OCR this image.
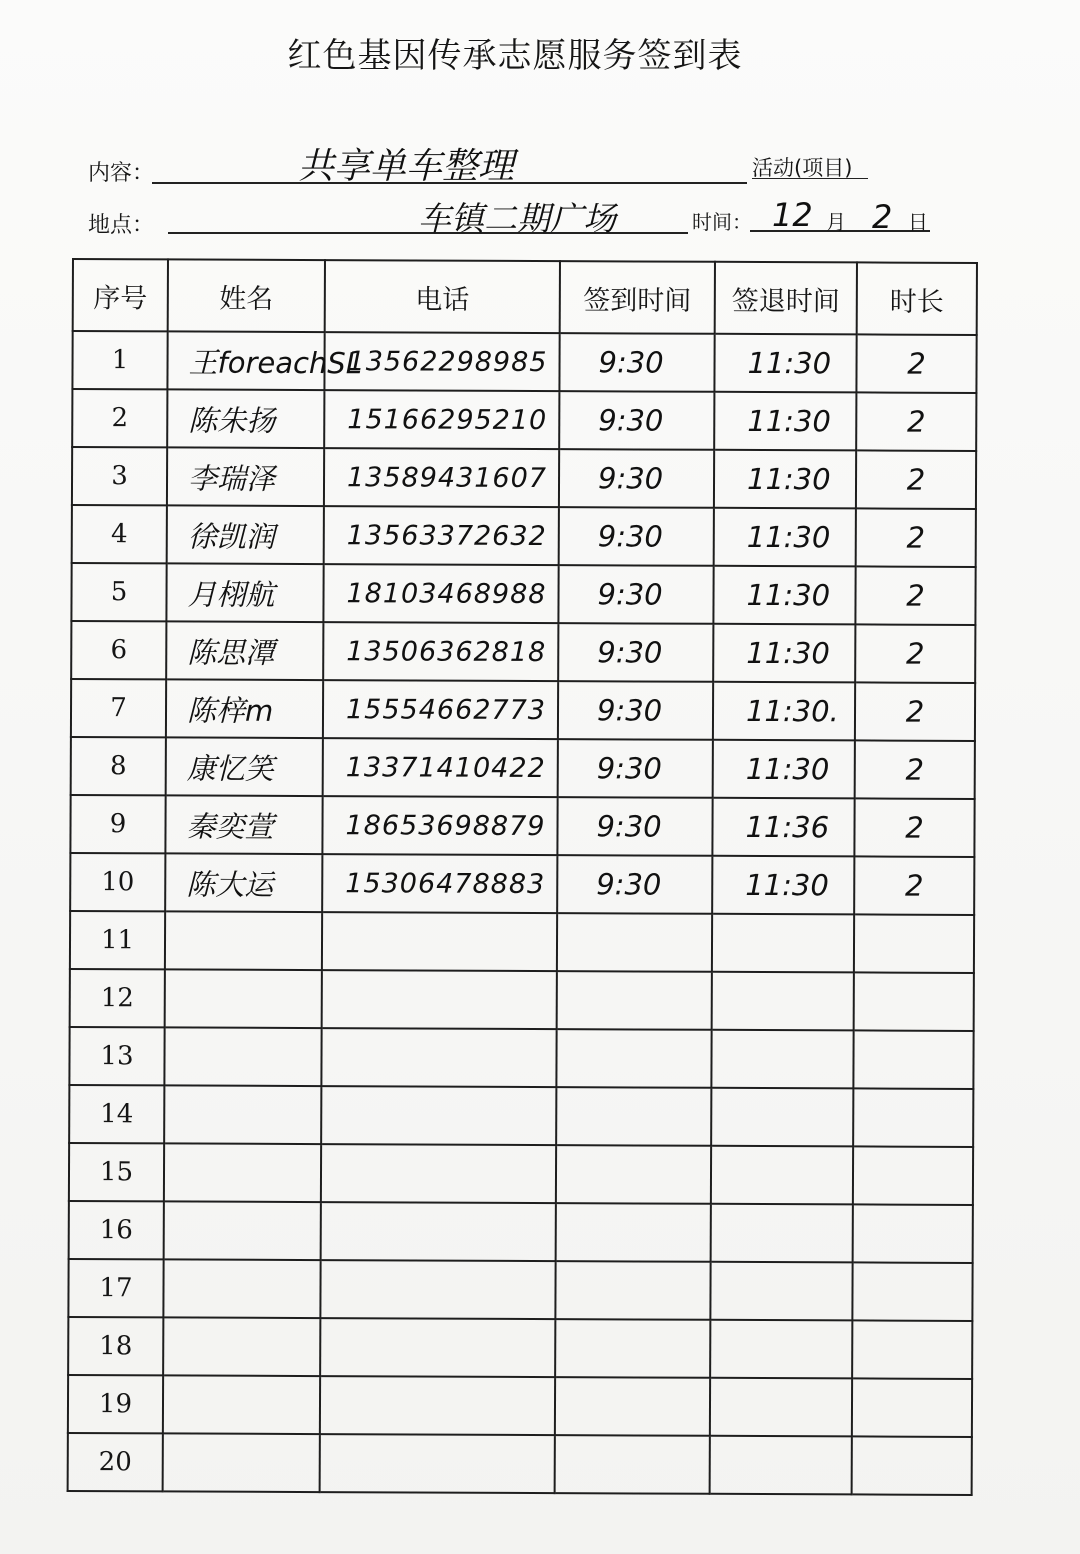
红色基因传承志愿服务签到表
内容：	共享单车整理	活动(项目)
地点：	车镇二期广场	时间： 12 月 2 日
序号	姓名	电话	签到时间	签退时间	时长
1	王foreachSL	13562298985	9:30	11:30	2
2	陈朱扬	15166295210	9:30	11:30	2
3	李瑞泽	13589431607	9:30	11:30	2
4	徐凯润	13563372632	9:30	11:30	2
5	月栩航	18103468988	9:30	11:30	2
6	陈思潭	13506362818	9:30	11:30	2
7	陈梓m	15554662773	9:30	11:30.	2
8	康忆笑	13371410422	9:30	11:30	2
9	秦奕萱	18653698879	9:30	11:36	2
10	陈大运	15306478883	9:30	11:30	2
11					
12					
13					
14					
15					
16					
17					
18					
19					
20					
